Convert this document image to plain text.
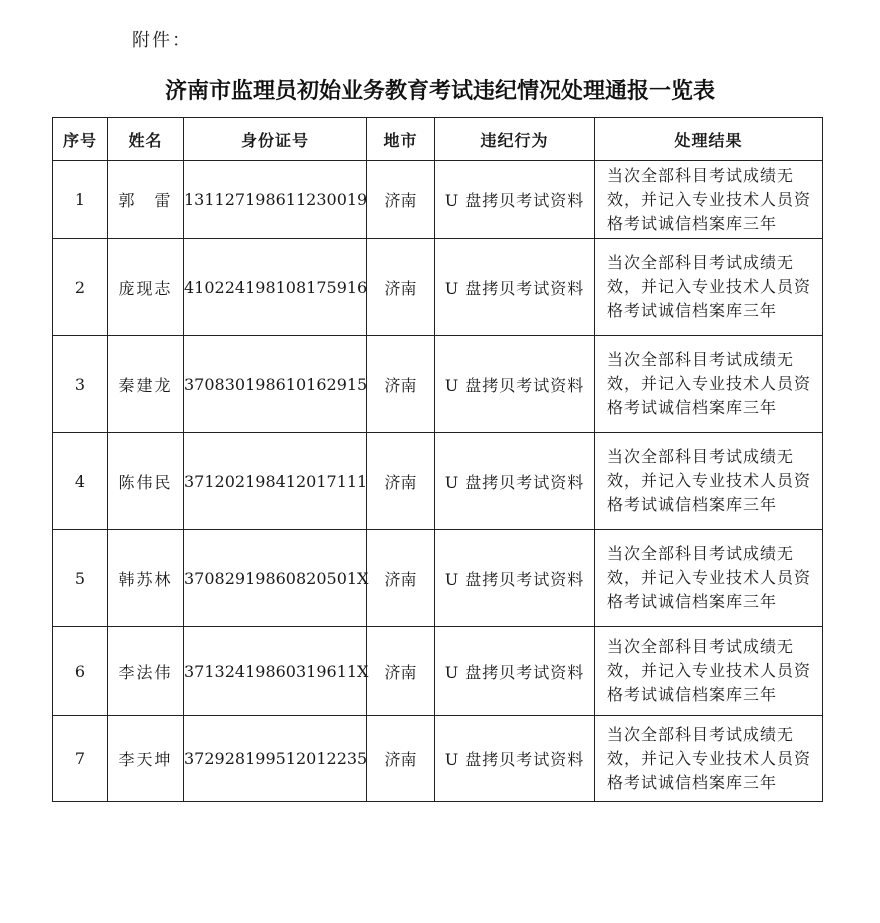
附件：
济南市监理员初始业务教育考试违纪情况处理通报一览表
序号	姓名	身份证号	地市	违纪行为	处理结果
1	郭　雷	131127198611230019	济南	U 盘拷贝考试资料	当次全部科目考试成绩无效，并记入专业技术人员资格考试诚信档案库三年
2	庞现志	410224198108175916	济南	U 盘拷贝考试资料	当次全部科目考试成绩无效，并记入专业技术人员资格考试诚信档案库三年
3	秦建龙	370830198610162915	济南	U 盘拷贝考试资料	当次全部科目考试成绩无效，并记入专业技术人员资格考试诚信档案库三年
4	陈伟民	371202198412017111	济南	U 盘拷贝考试资料	当次全部科目考试成绩无效，并记入专业技术人员资格考试诚信档案库三年
5	韩苏林	37082919860820501X	济南	U 盘拷贝考试资料	当次全部科目考试成绩无效，并记入专业技术人员资格考试诚信档案库三年
6	李法伟	37132419860319611X	济南	U 盘拷贝考试资料	当次全部科目考试成绩无效，并记入专业技术人员资格考试诚信档案库三年
7	李天坤	372928199512012235	济南	U 盘拷贝考试资料	当次全部科目考试成绩无效，并记入专业技术人员资格考试诚信档案库三年
